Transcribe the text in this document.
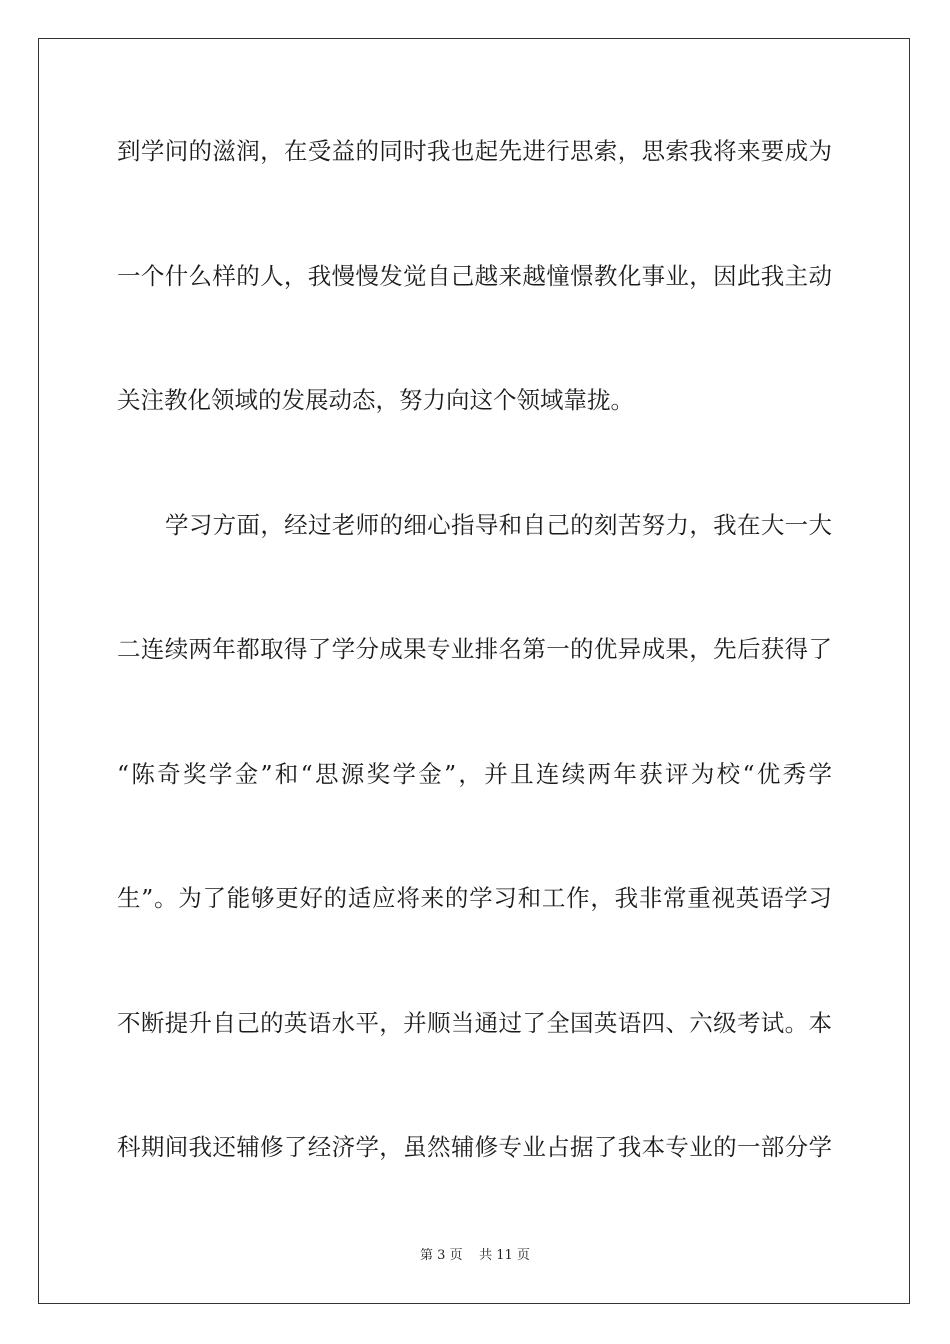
到学问的滋润，在受益的同时我也起先进行思索，思索我将来要成为
一个什么样的人，我慢慢发觉自己越来越憧憬教化事业，因此我主动
关注教化领域的发展动态，努力向这个领域靠拢。
学习方面，经过老师的细心指导和自己的刻苦努力，我在大一大
二连续两年都取得了学分成果专业排名第一的优异成果，先后获得了
“陈奇奖学金”和“思源奖学金”，并且连续两年获评为校“优秀学
生”。为了能够更好的适应将来的学习和工作，我非常重视英语学习
不断提升自己的英语水平，并顺当通过了全国英语四、六级考试。本
科期间我还辅修了经济学，虽然辅修专业占据了我本专业的一部分学
第 3 页 共 11 页
